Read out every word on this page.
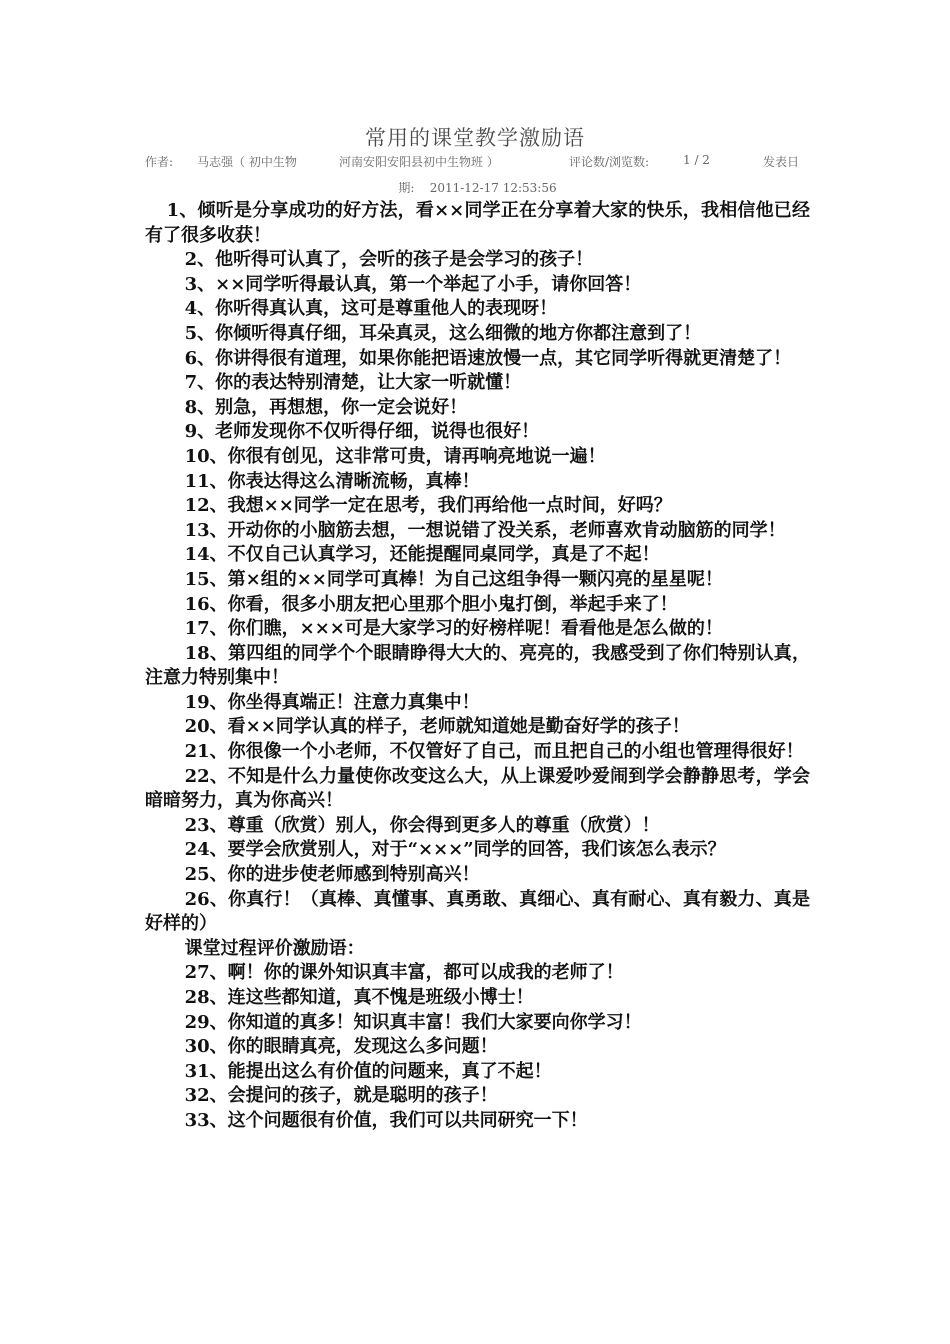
常用的课堂教学激励语
作者: 马志强（ 初中生物	河南安阳安阳县初中生物班 ）	评论数/浏览数:	1 / 2	发表日
期: 2011-12-17 12:53:56

1、倾听是分享成功的好方法，看××同学正在分享着大家的快乐，我相信他已经有了很多收获！

2、他听得可认真了，会听的孩子是会学习的孩子！

3、××同学听得最认真，第一个举起了小手，请你回答！

4、你听得真认真，这可是尊重他人的表现呀！

5、你倾听得真仔细，耳朵真灵，这么细微的地方你都注意到了！

6、你讲得很有道理，如果你能把语速放慢一点，其它同学听得就更清楚了！

7、你的表达特别清楚，让大家一听就懂！

8、别急，再想想，你一定会说好！

9、老师发现你不仅听得仔细，说得也很好！

10、你很有创见，这非常可贵，请再响亮地说一遍！

11、你表达得这么清晰流畅，真棒！

12、我想××同学一定在思考，我们再给他一点时间，好吗？

13、开动你的小脑筋去想，一想说错了没关系，老师喜欢肯动脑筋的同学！

14、不仅自己认真学习，还能提醒同桌同学，真是了不起！

15、第×组的××同学可真棒！为自己这组争得一颗闪亮的星星呢！

16、你看，很多小朋友把心里那个胆小鬼打倒，举起手来了！

17、你们瞧，×××可是大家学习的好榜样呢！看看他是怎么做的！

18、第四组的同学个个眼睛睁得大大的、亮亮的，我感受到了你们特别认真，注意力特别集中！

19、你坐得真端正！注意力真集中！

20、看××同学认真的样子，老师就知道她是勤奋好学的孩子！

21、你很像一个小老师，不仅管好了自己，而且把自己的小组也管理得很好！

22、不知是什么力量使你改变这么大，从上课爱吵爱闹到学会静静思考，学会暗暗努力，真为你高兴！

23、尊重（欣赏）别人，你会得到更多人的尊重（欣赏）！

24、要学会欣赏别人，对于“×××”同学的回答，我们该怎么表示？

25、你的进步使老师感到特别高兴！

26、你真行！（真棒、真懂事、真勇敢、真细心、真有耐心、真有毅力、真是好样的）

课堂过程评价激励语：

27、啊！你的课外知识真丰富，都可以成我的老师了！

28、连这些都知道，真不愧是班级小博士！

29、你知道的真多！知识真丰富！我们大家要向你学习！

30、你的眼睛真亮，发现这么多问题！

31、能提出这么有价值的问题来，真了不起！

32、会提问的孩子，就是聪明的孩子！

33、这个问题很有价值，我们可以共同研究一下！
